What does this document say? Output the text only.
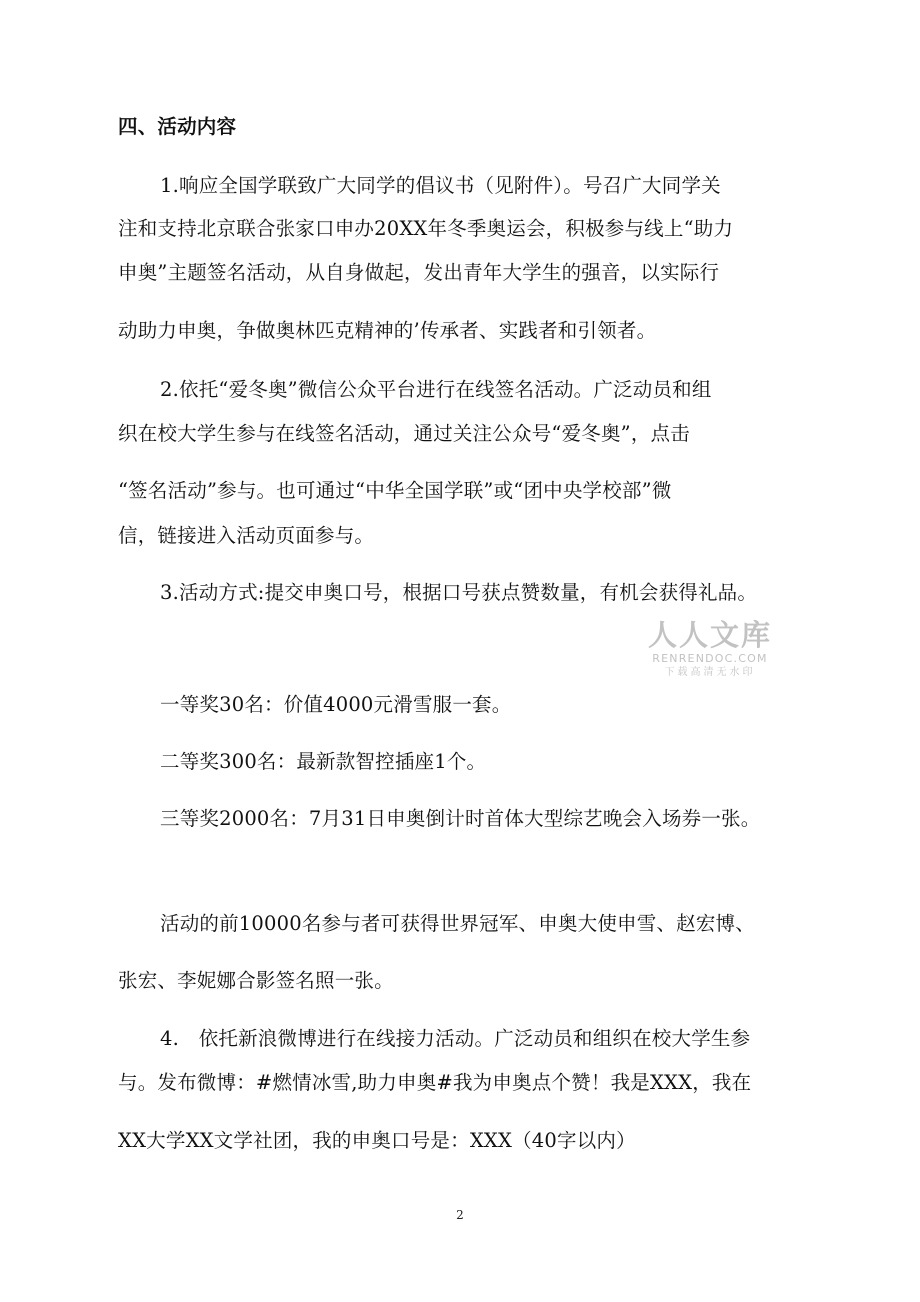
四、活动内容
1.响应全国学联致广大同学的倡议书（见附件）。号召广大同学关
注和支持北京联合张家口申办20XX年冬季奥运会，积极参与线上“助力
申奥”主题签名活动，从自身做起，发出青年大学生的强音，以实际行
动助力申奥，争做奥林匹克精神的’传承者、实践者和引领者。
2.依托“爱冬奥”微信公众平台进行在线签名活动。广泛动员和组
织在校大学生参与在线签名活动，通过关注公众号“爱冬奥”，点击
“签名活动”参与。也可通过“中华全国学联”或“团中央学校部”微
信，链接进入活动页面参与。
3.活动方式:提交申奥口号，根据口号获点赞数量，有机会获得礼品。
人人文库
RENRENDOC.COM
下载高清无水印
一等奖30名：价值4000元滑雪服一套。
二等奖300名：最新款智控插座1个。
三等奖2000名：7月31日申奥倒计时首体大型综艺晚会入场券一张。
活动的前10000名参与者可获得世界冠军、申奥大使申雪、赵宏博、
张宏、李妮娜合影签名照一张。
4.　依托新浪微博进行在线接力活动。广泛动员和组织在校大学生参
与。发布微博：#燃情冰雪,助力申奥#我为申奥点个赞！我是XXX，我在
XX大学XX文学社团，我的申奥口号是：XXX（40字以内）
2
